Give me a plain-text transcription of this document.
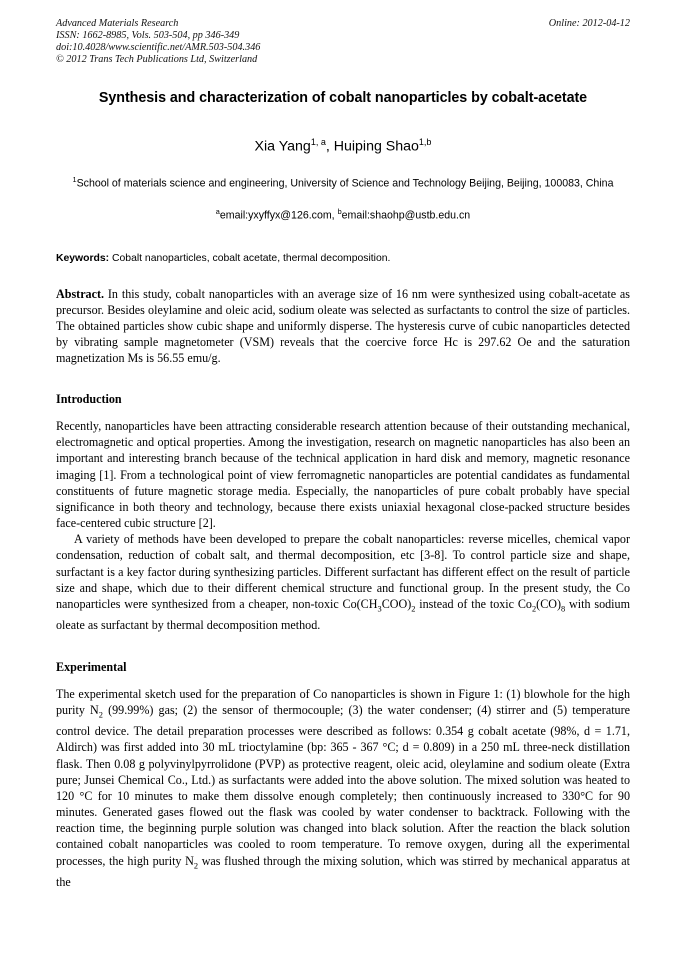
Advanced Materials Research
ISSN: 1662-8985, Vols. 503-504, pp 346-349
doi:10.4028/www.scientific.net/AMR.503-504.346
© 2012 Trans Tech Publications Ltd, Switzerland
Online: 2012-04-12
Synthesis and characterization of cobalt nanoparticles by cobalt-acetate
Xia Yang$^{1, a}$, Huiping Shao$^{1,b}$
$^1$School of materials science and engineering, University of Science and Technology Beijing, Beijing, 100083, China
$^a$email:yxyffyx@126.com, $^b$email:shaohp@ustb.edu.cn
Keywords: Cobalt nanoparticles, cobalt acetate, thermal decomposition.
Abstract. In this study, cobalt nanoparticles with an average size of 16 nm were synthesized using cobalt-acetate as precursor. Besides oleylamine and oleic acid, sodium oleate was selected as surfactants to control the size of particles. The obtained particles show cubic shape and uniformly disperse. The hysteresis curve of cubic nanoparticles detected by vibrating sample magnetometer (VSM) reveals that the coercive force Hc is 297.62 Oe and the saturation magnetization Ms is 56.55 emu/g.
Introduction

Recently, nanoparticles have been attracting considerable research attention because of their outstanding mechanical, electromagnetic and optical properties. Among the investigation, research on magnetic nanoparticles has also been an important and interesting branch because of the technical application in hard disk and memory, magnetic resonance imaging [1]. From a technological point of view ferromagnetic nanoparticles are potential candidates as fundamental constituents of future magnetic storage media. Especially, the nanoparticles of pure cobalt probably have special significance in both theory and technology, because there exists uniaxial hexagonal close-packed structure besides face-centered cubic structure [2].

A variety of methods have been developed to prepare the cobalt nanoparticles: reverse micelles, chemical vapor condensation, reduction of cobalt salt, and thermal decomposition, etc [3-8]. To control particle size and shape, surfactant is a key factor during synthesizing particles. Different surfactant has different effect on the result of particle size and shape, which due to their different chemical structure and functional group. In the present study, the Co nanoparticles were synthesized from a cheaper, non-toxic $Co(CH_3COO)_2$ instead of the toxic $Co_2(CO)_8$ with sodium oleate as surfactant by thermal decomposition method.

Experimental

The experimental sketch used for the preparation of Co nanoparticles is shown in Figure 1: (1) blowhole for the high purity $N_2$ (99.99%) gas; (2) the sensor of thermocouple; (3) the water condenser; (4) stirrer and (5) temperature control device. The detail preparation processes were described as follows: 0.354 g cobalt acetate (98%, d = 1.71, Aldirch) was first added into 30 mL trioctylamine (bp: 365 - 367 °C; d = 0.809) in a 250 mL three-neck distillation flask. Then 0.08 g polyvinylpyrrolidone (PVP) as protective reagent, oleic acid, oleylamine and sodium oleate (Extra pure; Junsei Chemical Co., Ltd.) as surfactants were added into the above solution. The mixed solution was heated to 120 °C for 10 minutes to make them dissolve enough completely; then continuously increased to 330°C for 90 minutes. Generated gases flowed out the flask was cooled by water condenser to backtrack. Following with the reaction time, the beginning purple solution was changed into black solution. After the reaction the black solution contained cobalt nanoparticles was cooled to room temperature. To remove oxygen, during all the experimental processes, the high purity $N_2$ was flushed through the mixing solution, which was stirred by mechanical apparatus at the
